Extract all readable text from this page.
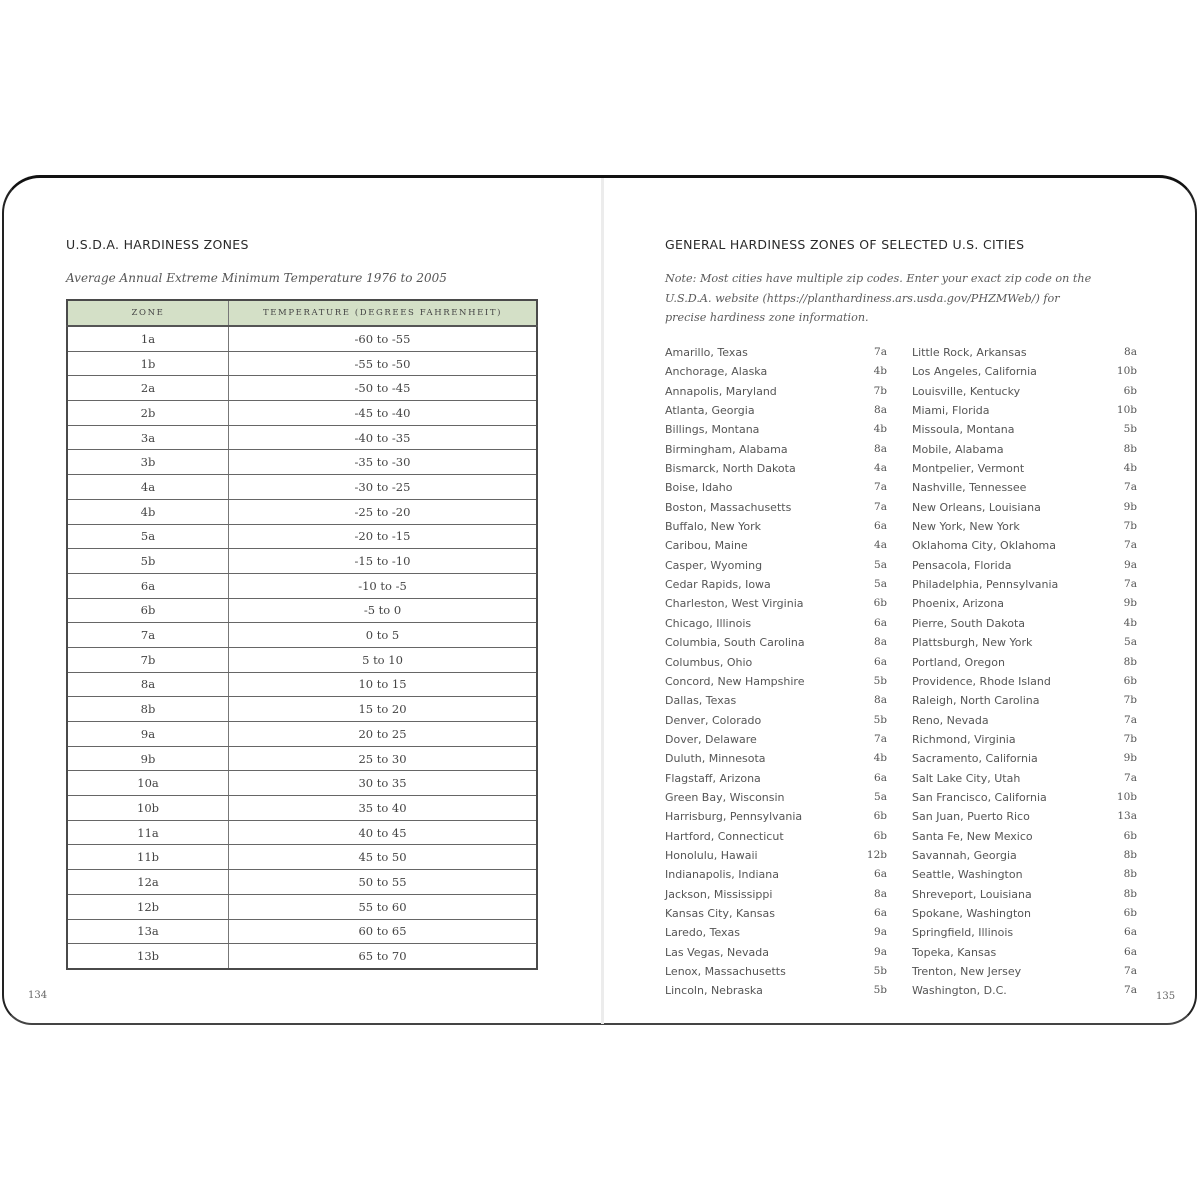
U.S.D.A. HARDINESS ZONES
Average Annual Extreme Minimum Temperature 1976 to 2005
ZONE	TEMPERATURE (DEGREES FAHRENHEIT)
1a	-60 to -55
1b	-55 to -50
2a	-50 to -45
2b	-45 to -40
3a	-40 to -35
3b	-35 to -30
4a	-30 to -25
4b	-25 to -20
5a	-20 to -15
5b	-15 to -10
6a	-10 to -5
6b	-5 to 0
7a	0 to 5
7b	5 to 10
8a	10 to 15
8b	15 to 20
9a	20 to 25
9b	25 to 30
10a	30 to 35
10b	35 to 40
11a	40 to 45
11b	45 to 50
12a	50 to 55
12b	55 to 60
13a	60 to 65
13b	65 to 70
134
GENERAL HARDINESS ZONES OF SELECTED U.S. CITIES
Note: Most cities have multiple zip codes. Enter your exact zip code on the
U.S.D.A. website (https://planthardiness.ars.usda.gov/PHZMWeb/) for
precise hardiness zone information.
Amarillo, Texas	7a
Anchorage, Alaska	4b
Annapolis, Maryland	7b
Atlanta, Georgia	8a
Billings, Montana	4b
Birmingham, Alabama	8a
Bismarck, North Dakota	4a
Boise, Idaho	7a
Boston, Massachusetts	7a
Buffalo, New York	6a
Caribou, Maine	4a
Casper, Wyoming	5a
Cedar Rapids, Iowa	5a
Charleston, West Virginia	6b
Chicago, Illinois	6a
Columbia, South Carolina	8a
Columbus, Ohio	6a
Concord, New Hampshire	5b
Dallas, Texas	8a
Denver, Colorado	5b
Dover, Delaware	7a
Duluth, Minnesota	4b
Flagstaff, Arizona	6a
Green Bay, Wisconsin	5a
Harrisburg, Pennsylvania	6b
Hartford, Connecticut	6b
Honolulu, Hawaii	12b
Indianapolis, Indiana	6a
Jackson, Mississippi	8a
Kansas City, Kansas	6a
Laredo, Texas	9a
Las Vegas, Nevada	9a
Lenox, Massachusetts	5b
Lincoln, Nebraska	5b
Little Rock, Arkansas	8a
Los Angeles, California	10b
Louisville, Kentucky	6b
Miami, Florida	10b
Missoula, Montana	5b
Mobile, Alabama	8b
Montpelier, Vermont	4b
Nashville, Tennessee	7a
New Orleans, Louisiana	9b
New York, New York	7b
Oklahoma City, Oklahoma	7a
Pensacola, Florida	9a
Philadelphia, Pennsylvania	7a
Phoenix, Arizona	9b
Pierre, South Dakota	4b
Plattsburgh, New York	5a
Portland, Oregon	8b
Providence, Rhode Island	6b
Raleigh, North Carolina	7b
Reno, Nevada	7a
Richmond, Virginia	7b
Sacramento, California	9b
Salt Lake City, Utah	7a
San Francisco, California	10b
San Juan, Puerto Rico	13a
Santa Fe, New Mexico	6b
Savannah, Georgia	8b
Seattle, Washington	8b
Shreveport, Louisiana	8b
Spokane, Washington	6b
Springfield, Illinois	6a
Topeka, Kansas	6a
Trenton, New Jersey	7a
Washington, D.C.	7a
135
